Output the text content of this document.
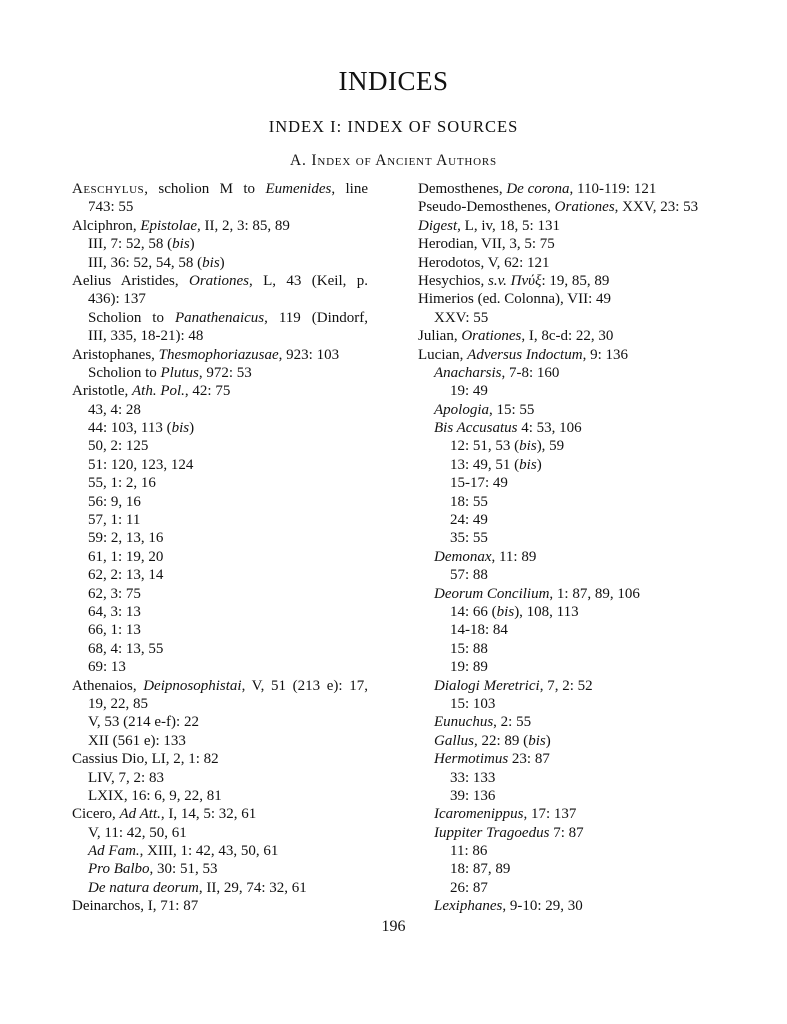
INDICES
INDEX I: INDEX OF SOURCES
A. Index of Ancient Authors
Aeschylus, scholion M to Eumenides, line
743: 55
Alciphron, Epistolae, II, 2, 3: 85, 89
III, 7: 52, 58 (bis)
III, 36: 52, 54, 58 (bis)
Aelius Aristides, Orationes, L, 43 (Keil, p.
436): 137
Scholion to Panathenaicus, 119 (Dindorf,
III, 335, 18-21): 48
Aristophanes, Thesmophoriazusae, 923: 103
Scholion to Plutus, 972: 53
Aristotle, Ath. Pol., 42: 75
43, 4: 28
44: 103, 113 (bis)
50, 2: 125
51: 120, 123, 124
55, 1: 2, 16
56: 9, 16
57, 1: 11
59: 2, 13, 16
61, 1: 19, 20
62, 2: 13, 14
62, 3: 75
64, 3: 13
66, 1: 13
68, 4: 13, 55
69: 13
Athenaios, Deipnosophistai, V, 51 (213 e): 17,
19, 22, 85
V, 53 (214 e-f): 22
XII (561 e): 133
Cassius Dio, LI, 2, 1: 82
LIV, 7, 2: 83
LXIX, 16: 6, 9, 22, 81
Cicero, Ad Att., I, 14, 5: 32, 61
V, 11: 42, 50, 61
Ad Fam., XIII, 1: 42, 43, 50, 61
Pro Balbo, 30: 51, 53
De natura deorum, II, 29, 74: 32, 61
Deinarchos, I, 71: 87
Demosthenes, De corona, 110-119: 121
Pseudo-Demosthenes, Orationes, XXV, 23: 53
Digest, L, iv, 18, 5: 131
Herodian, VII, 3, 5: 75
Herodotos, V, 62: 121
Hesychios, s.v. Πνύξ: 19, 85, 89
Himerios (ed. Colonna), VII: 49
XXV: 55
Julian, Orationes, I, 8c-d: 22, 30
Lucian, Adversus Indoctum, 9: 136
Anacharsis, 7-8: 160
19: 49
Apologia, 15: 55
Bis Accusatus 4: 53, 106
12: 51, 53 (bis), 59
13: 49, 51 (bis)
15-17: 49
18: 55
24: 49
35: 55
Demonax, 11: 89
57: 88
Deorum Concilium, 1: 87, 89, 106
14: 66 (bis), 108, 113
14-18: 84
15: 88
19: 89
Dialogi Meretrici, 7, 2: 52
15: 103
Eunuchus, 2: 55
Gallus, 22: 89 (bis)
Hermotimus 23: 87
33: 133
39: 136
Icaromenippus, 17: 137
Iuppiter Tragoedus 7: 87
11: 86
18: 87, 89
26: 87
Lexiphanes, 9-10: 29, 30
196
